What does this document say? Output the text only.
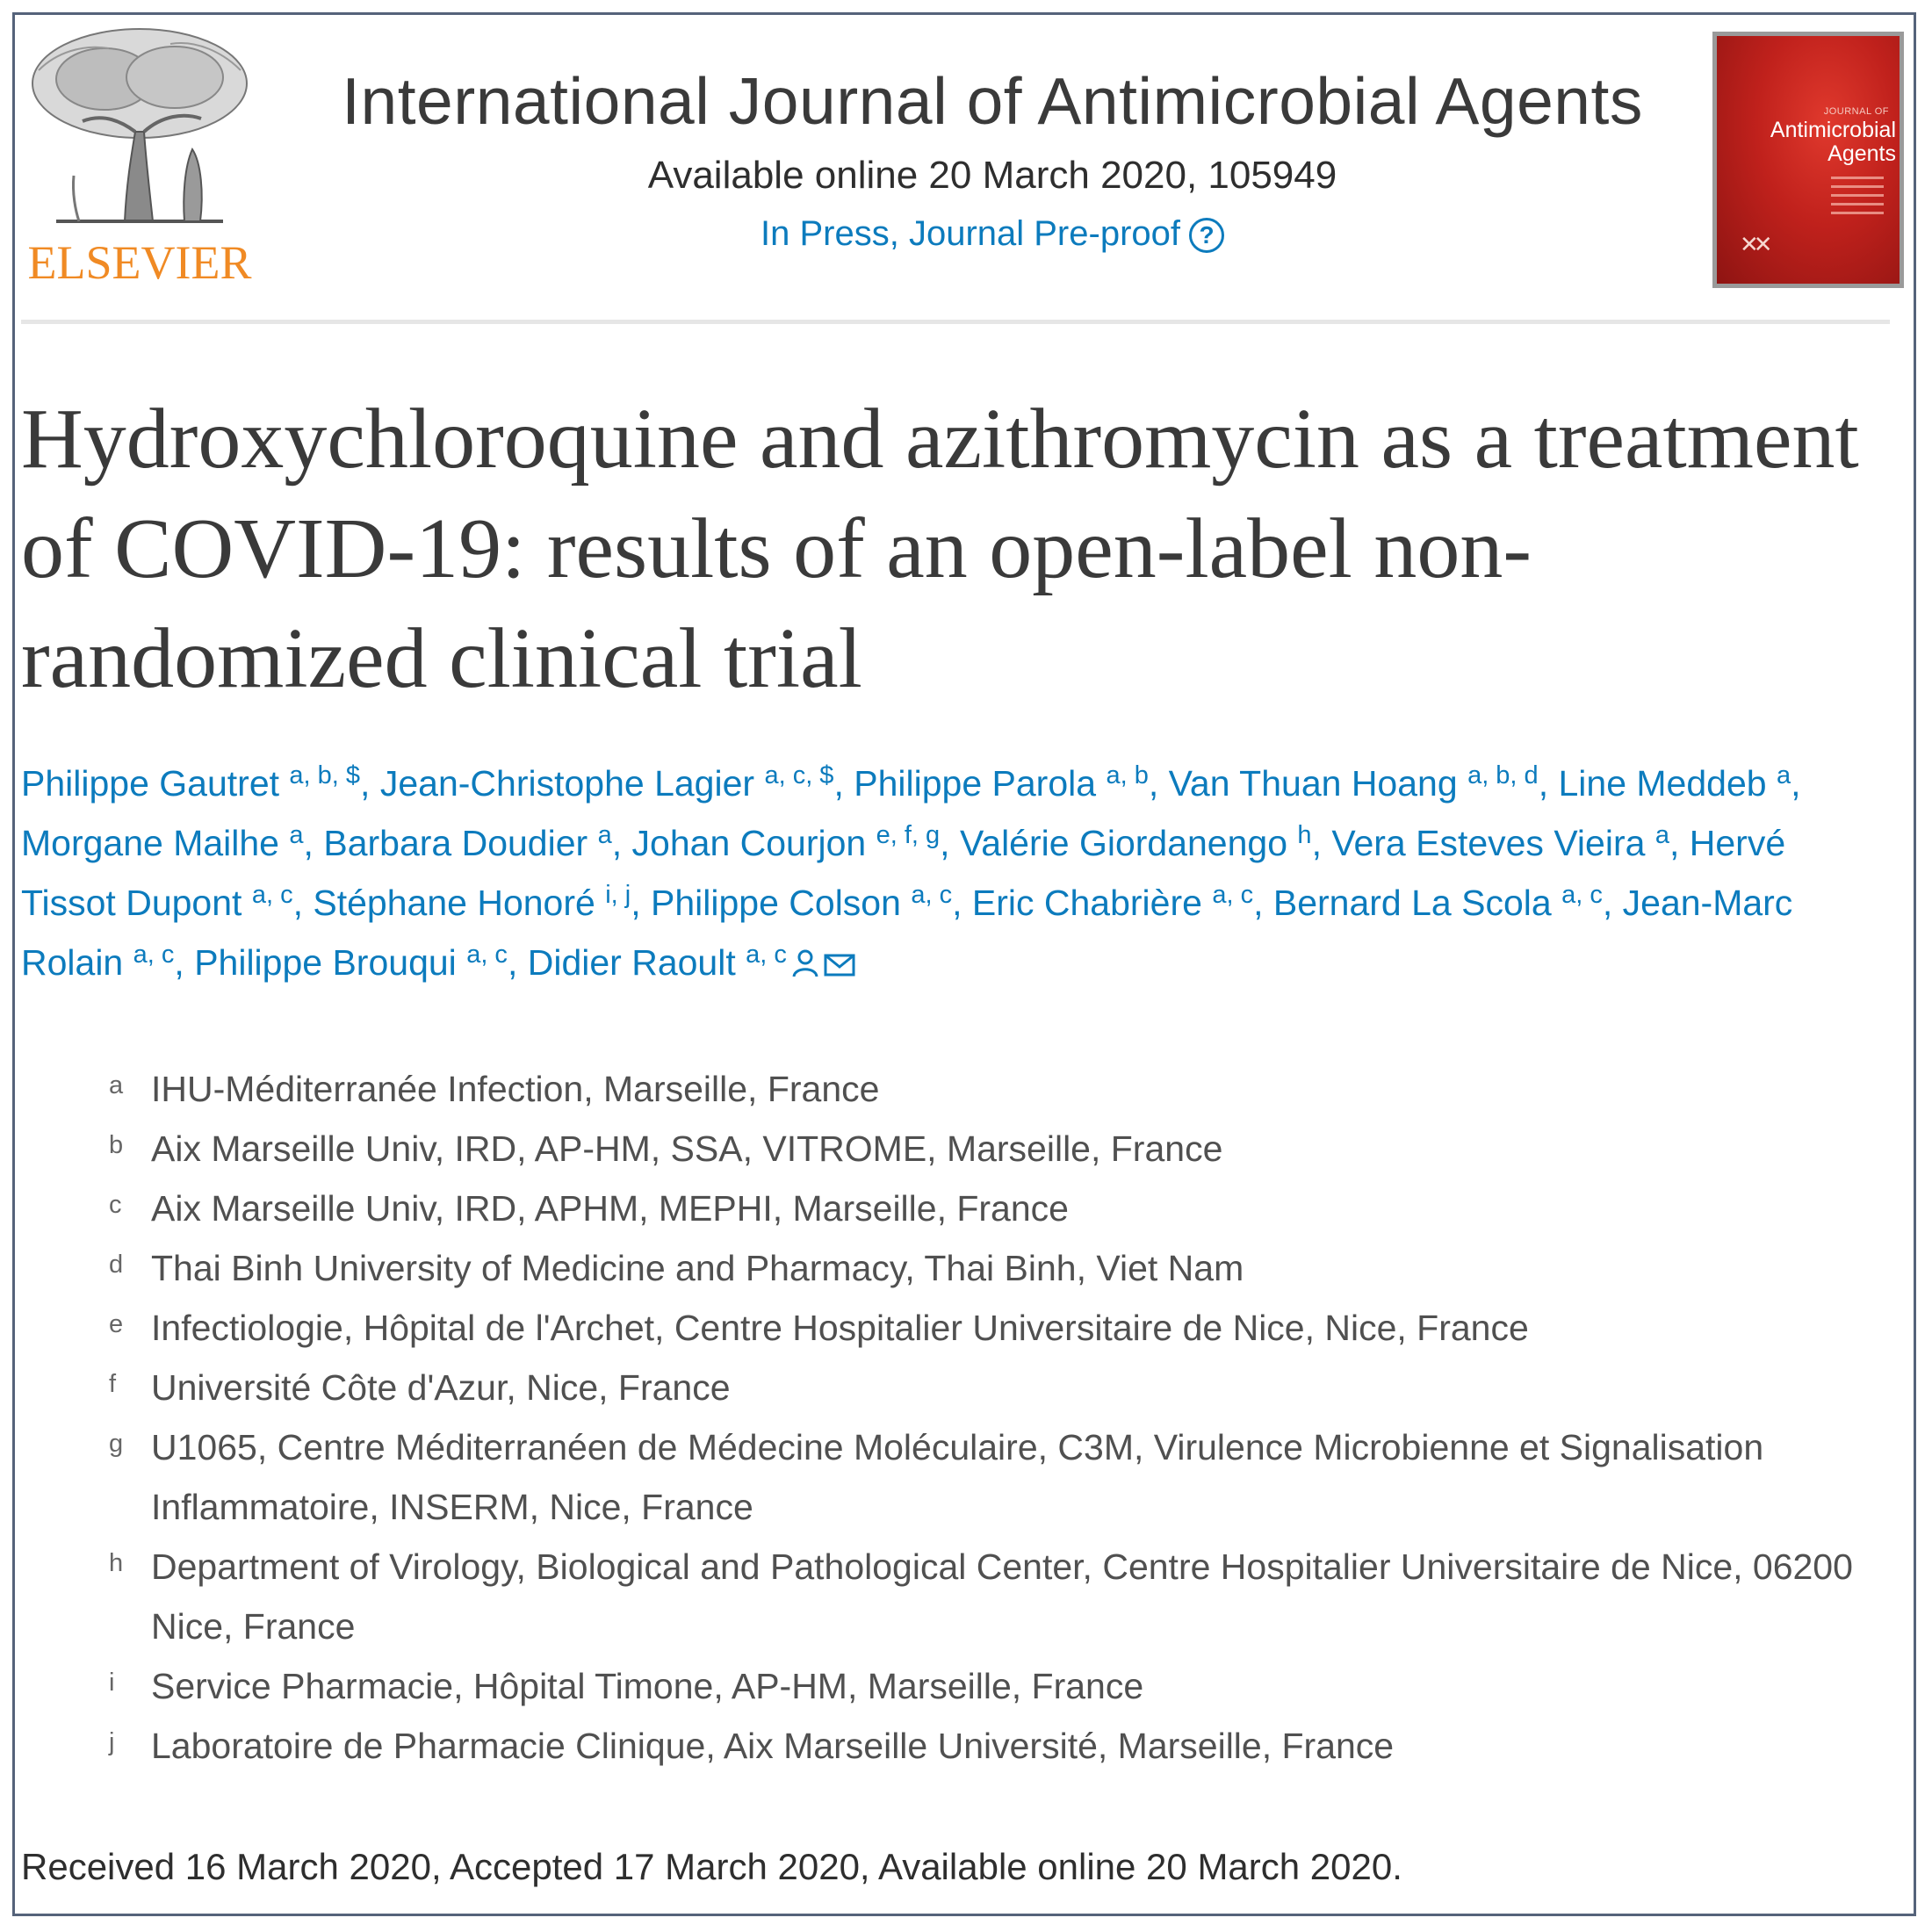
ELSEVIER
International Journal of Antimicrobial Agents
Available online 20 March 2020, 105949
In Press, Journal Pre-proof ?
JOURNAL OF
Antimicrobial Agents
✕✕
Hydroxychloroquine and azithromycin as a treatment of COVID-19: results of an open-label non-randomized clinical trial
Philippe Gautret $^{a, b, \$}$, Jean-Christophe Lagier $^{a, c, \$}$, Philippe Parola $^{a, b}$, Van Thuan Hoang $^{a, b, d}$, Line Meddeb $^a$, Morgane Mailhe $^a$, Barbara Doudier $^a$, Johan Courjon $^{e, f, g}$, Valérie Giordanengo $^h$, Vera Esteves Vieira $^a$, Hervé Tissot Dupont $^{a, c}$, Stéphane Honoré $^{i, j}$, Philippe Colson $^{a, c}$, Eric Chabrière $^{a, c}$, Bernard La Scola $^{a, c}$, Jean-Marc Rolain $^{a, c}$, Philippe Brouqui $^{a, c}$, Didier Raoult $^{a, c}$
a IHU-Méditerranée Infection, Marseille, France
b Aix Marseille Univ, IRD, AP-HM, SSA, VITROME, Marseille, France
c Aix Marseille Univ, IRD, APHM, MEPHI, Marseille, France
d Thai Binh University of Medicine and Pharmacy, Thai Binh, Viet Nam
e Infectiologie, Hôpital de l'Archet, Centre Hospitalier Universitaire de Nice, Nice, France
f Université Côte d'Azur, Nice, France
g U1065, Centre Méditerranéen de Médecine Moléculaire, C3M, Virulence Microbienne et Signalisation Inflammatoire, INSERM, Nice, France
h Department of Virology, Biological and Pathological Center, Centre Hospitalier Universitaire de Nice, 06200 Nice, France
i Service Pharmacie, Hôpital Timone, AP-HM, Marseille, France
j Laboratoire de Pharmacie Clinique, Aix Marseille Université, Marseille, France
Received 16 March 2020, Accepted 17 March 2020, Available online 20 March 2020.
